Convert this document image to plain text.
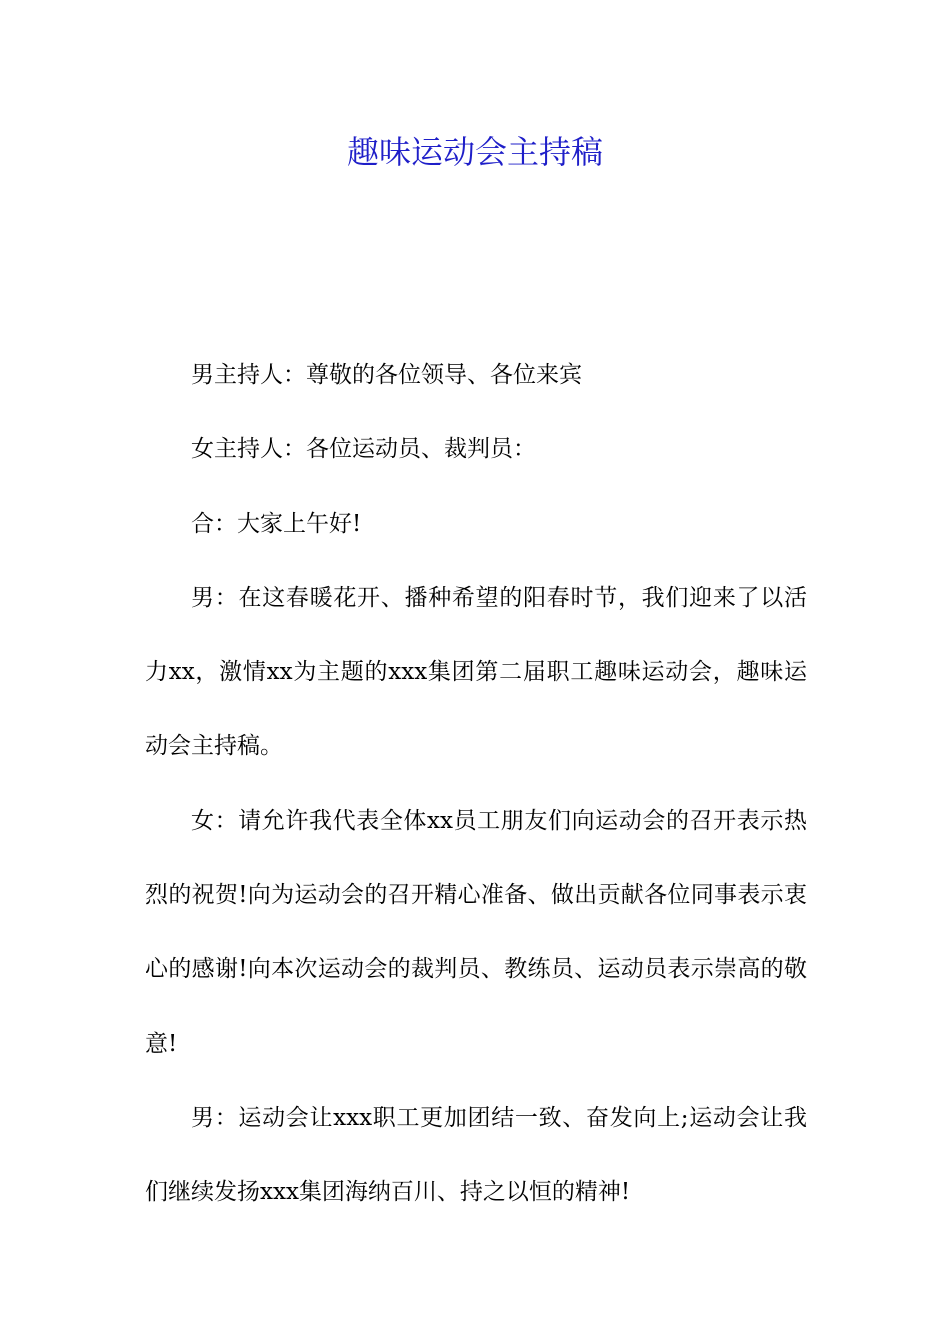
趣味运动会主持稿

男主持人：尊敬的各位领导、各位来宾

女主持人：各位运动员、裁判员：

合：大家上午好!

男：在这春暖花开、播种希望的阳春时节，我们迎来了以活力xx，激情xx为主题的xxx集团第二届职工趣味运动会，趣味运动会主持稿。

女：请允许我代表全体xx员工朋友们向运动会的召开表示热烈的祝贺!向为运动会的召开精心准备、做出贡献各位同事表示衷心的感谢!向本次运动会的裁判员、教练员、运动员表示崇高的敬意!

男：运动会让xxx职工更加团结一致、奋发向上;运动会让我们继续发扬xxx集团海纳百川、持之以恒的精神!
